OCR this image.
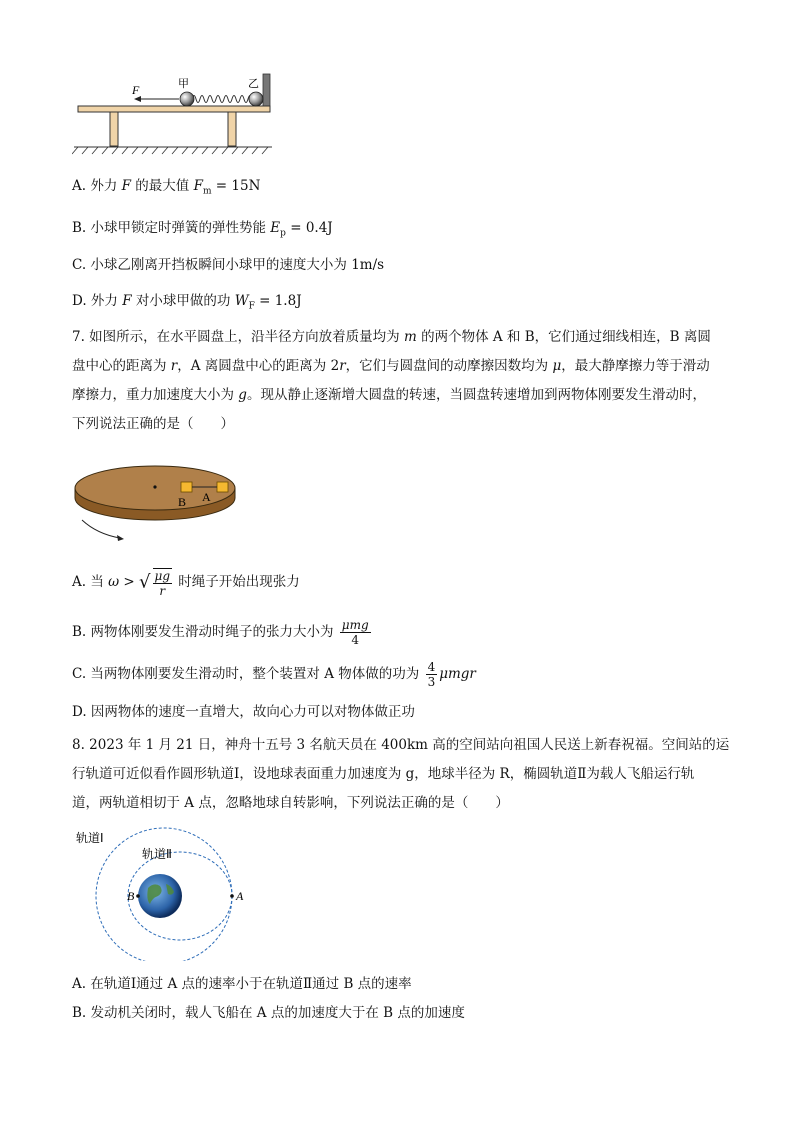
F	甲	乙
A. 外力 F 的最大值 $F_m = 15N$
B. 小球甲锁定时弹簧的弹性势能 $E_p = 0.4J$
C. 小球乙刚离开挡板瞬间小球甲的速度大小为 1m/s
D. 外力 F 对小球甲做的功 $W_F = 1.8J$
7. 如图所示，在水平圆盘上，沿半径方向放着质量均为 m 的两个物体 A 和 B，它们通过细线相连，B 离圆
盘中心的距离为 r，A 离圆盘中心的距离为 2r，它们与圆盘间的动摩擦因数均为 μ，最大静摩擦力等于滑动
摩擦力，重力加速度大小为 g。现从静止逐渐增大圆盘的转速，当圆盘转速增加到两物体刚要发生滑动时，
下列说法正确的是（　　）
B A
A. 当 ω > √ $\frac{\mu g}{r}$ 时绳子开始出现张力
B. 两物体刚要发生滑动时绳子的张力大小为 $\frac{\text{μmg}}{4}$
C. 当两物体刚要发生滑动时，整个装置对 A 物体做的功为 $\frac{4}{3}$ μmgr
D. 因两物体的速度一直增大，故向心力可以对物体做正功
8. 2023 年 1 月 21 日，神舟十五号 3 名航天员在 400km 高的空间站向祖国人民送上新春祝福。空间站的运
行轨道可近似看作圆形轨道Ⅰ，设地球表面重力加速度为 g，地球半径为 R，椭圆轨道Ⅱ为载人飞船运行轨
道，两轨道相切于 A 点，忽略地球自转影响，下列说法正确的是（　　）
轨道Ⅰ
轨道Ⅱ
B	A
A. 在轨道Ⅰ通过 A 点的速率小于在轨道Ⅱ通过 B 点的速率
B. 发动机关闭时，载人飞船在 A 点的加速度大于在 B 点的加速度
